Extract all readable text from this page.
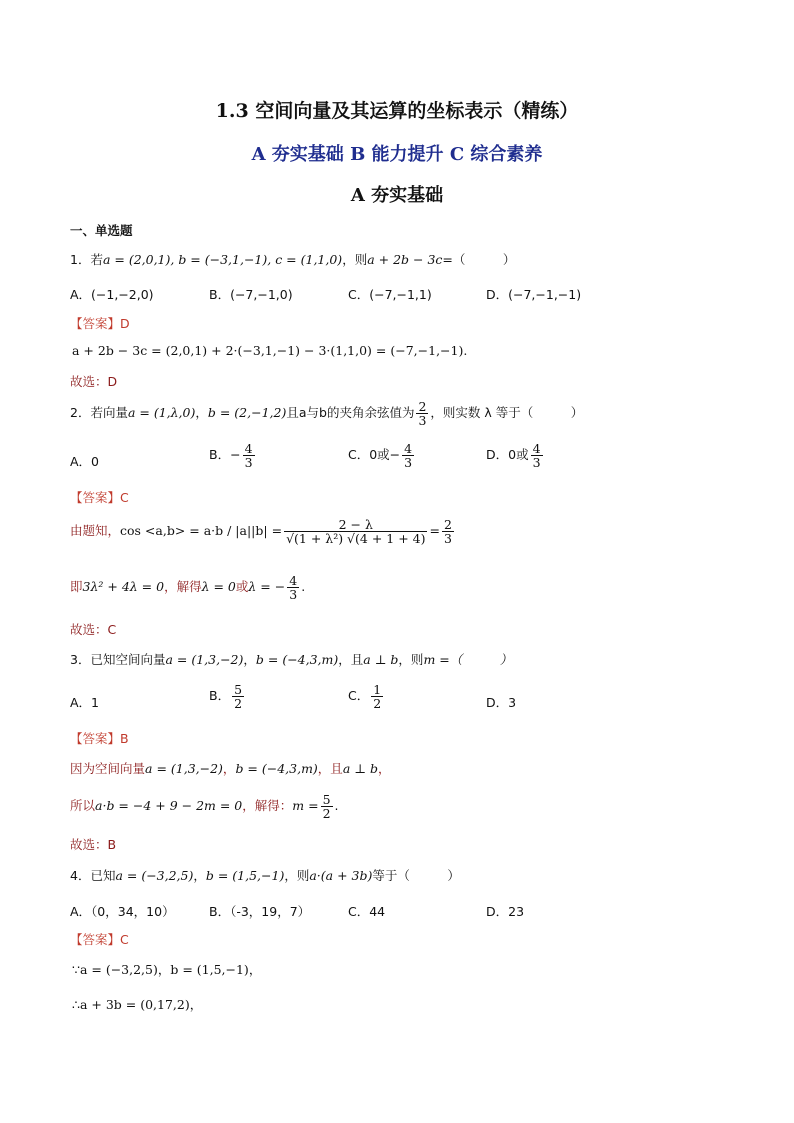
1.3 空间向量及其运算的坐标表示（精练）
A 夯实基础 B 能力提升 C 综合素养
A 夯实基础
一、单选题
1．若a = (2,0,1), b = (−3,1,−1), c = (1,1,0)，则a + 2b − 3c=（　　　）
A．(−1,−2,0)	B．(−7,−1,0)	C．(−7,−1,1)	D．(−7,−1,−1)
【答案】D
a + 2b − 3c = (2,0,1) + 2·(−3,1,−1) − 3·(1,1,0) = (−7,−1,−1).
故选：D
2．若向量a = (1,λ,0)，b = (2,−1,2)且a与b的夹角余弦值为 $\frac{2}{3}$ ，则实数 λ 等于（　　　）
A．0	B．− $\frac{4}{3}$	C．0或− $\frac{4}{3}$	D．0或 $\frac{4}{3}$
【答案】C
由题知，$\cos <a,b> = a\cdot b / |a||b| = \frac{2 - \lambda}{\text{√(1 + λ²) √(4 + 1 + 4)}} = \frac{2}{3}$
即3λ² + 4λ = 0，解得λ = 0或λ = − $\frac{4}{3}$ .
故选：C
3．已知空间向量a = (1,3,−2)，b = (−4,3,m)，且a ⊥ b，则m =（　　　）
A．1	B． $\frac{5}{2}$	C． $\frac{1}{2}$	D．3
【答案】B
因为空间向量a = (1,3,−2)，b = (−4,3,m)，且a ⊥ b，
所以a·b = −4 + 9 − 2m = 0，解得：$m = \frac{5}{2}$ .
故选：B
4．已知a = (−3,2,5)，b = (1,5,−1)，则a·(a + 3b)等于（　　　）
A．（0，34，10）	B．（-3，19，7）	C．44	D．23
【答案】C
∵a = (−3,2,5)，b = (1,5,−1)，
∴a + 3b = (0,17,2)，
